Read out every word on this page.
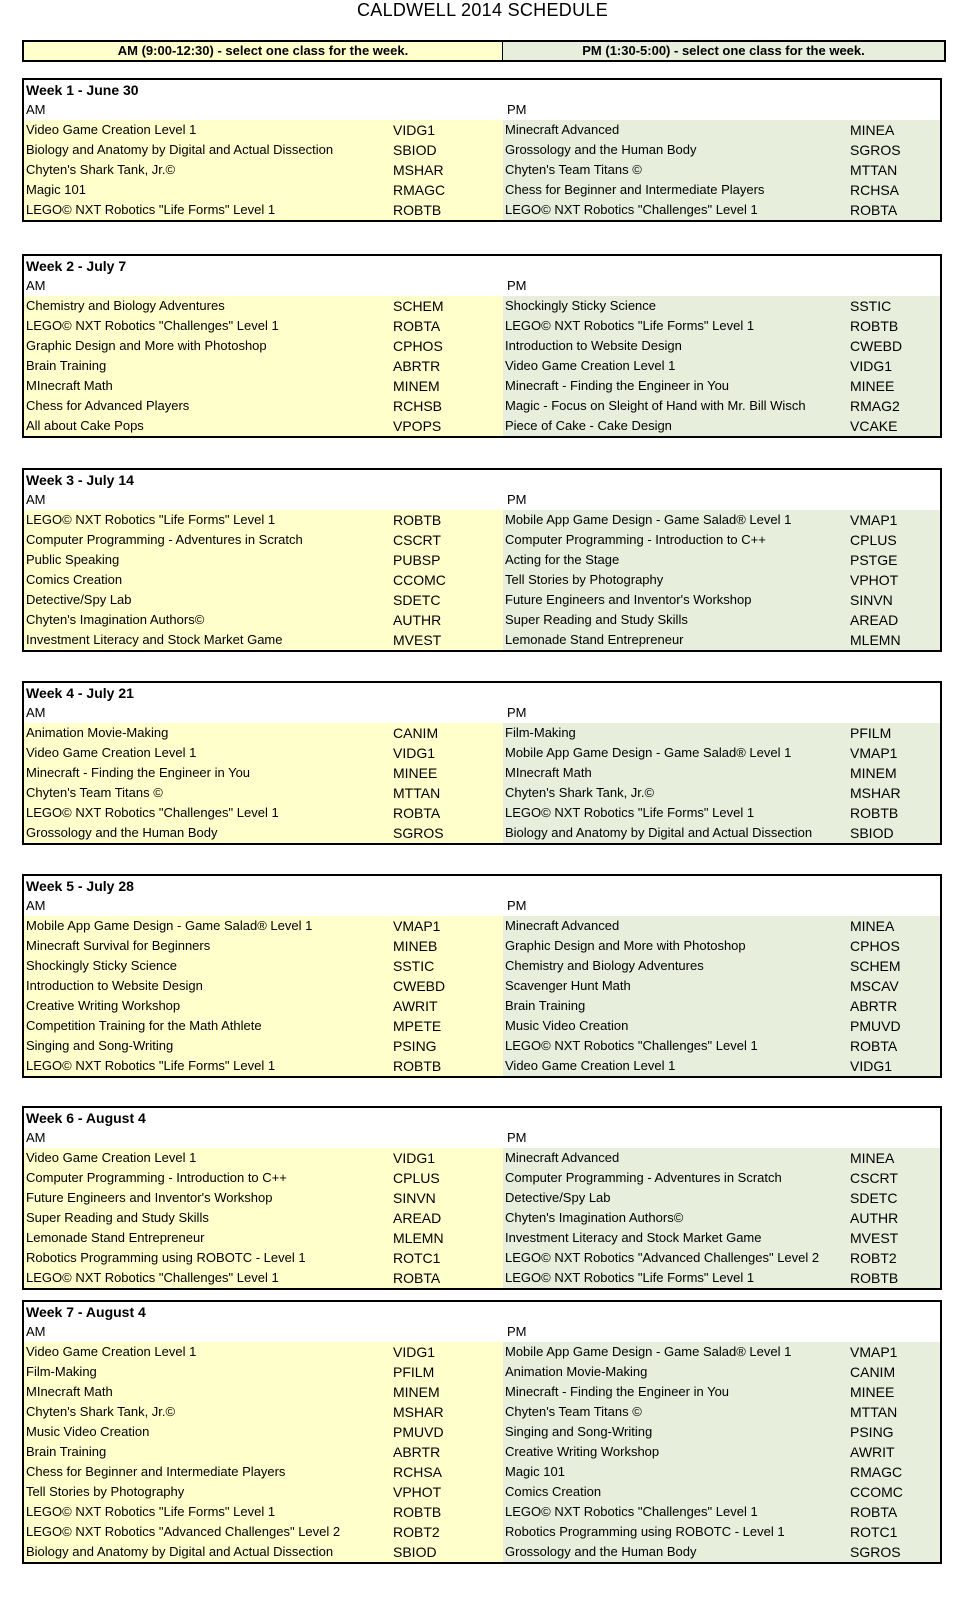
CALDWELL 2014 SCHEDULE
AM (9:00-12:30) - select one class for the week.	PM (1:30-5:00) - select one class for the week.
Week 1 - June 30
AM	PM
Video Game Creation Level 1	VIDG1	Minecraft Advanced	MINEA
Biology and Anatomy by Digital and Actual Dissection	SBIOD	Grossology and the Human Body	SGROS
Chyten's Shark Tank, Jr.©	MSHAR	Chyten's Team Titans ©	MTTAN
Magic 101	RMAGC	Chess for Beginner and Intermediate Players	RCHSA
LEGO© NXT Robotics "Life Forms" Level 1	ROBTB	LEGO© NXT Robotics "Challenges" Level 1	ROBTA
Week 2 - July 7
AM	PM
Chemistry and Biology Adventures	SCHEM	Shockingly Sticky Science	SSTIC
LEGO© NXT Robotics "Challenges" Level 1	ROBTA	LEGO© NXT Robotics "Life Forms" Level 1	ROBTB
Graphic Design and More with Photoshop	CPHOS	Introduction to Website Design	CWEBD
Brain Training	ABRTR	Video Game Creation Level 1	VIDG1
MInecraft Math	MINEM	Minecraft - Finding the Engineer in You	MINEE
Chess for Advanced Players	RCHSB	Magic - Focus on Sleight of Hand with Mr. Bill Wisch	RMAG2
All about Cake Pops	VPOPS	Piece of Cake - Cake Design	VCAKE
Week 3 - July 14
AM	PM
LEGO© NXT Robotics "Life Forms" Level 1	ROBTB	Mobile App Game Design - Game Salad® Level 1	VMAP1
Computer Programming - Adventures in Scratch	CSCRT	Computer Programming - Introduction to C++	CPLUS
Public Speaking	PUBSP	Acting for the Stage	PSTGE
Comics Creation	CCOMC	Tell Stories by Photography	VPHOT
Detective/Spy Lab	SDETC	Future Engineers and Inventor's Workshop	SINVN
Chyten's Imagination Authors©	AUTHR	Super Reading and Study Skills	AREAD
Investment Literacy and Stock Market Game	MVEST	Lemonade Stand Entrepreneur	MLEMN
Week 4 - July 21
AM	PM
Animation Movie-Making	CANIM	Film-Making	PFILM
Video Game Creation Level 1	VIDG1	Mobile App Game Design - Game Salad® Level 1	VMAP1
Minecraft - Finding the Engineer in You	MINEE	MInecraft Math	MINEM
Chyten's Team Titans ©	MTTAN	Chyten's Shark Tank, Jr.©	MSHAR
LEGO© NXT Robotics "Challenges" Level 1	ROBTA	LEGO© NXT Robotics "Life Forms" Level 1	ROBTB
Grossology and the Human Body	SGROS	Biology and Anatomy by Digital and Actual Dissection	SBIOD
Week 5 - July 28
AM	PM
Mobile App Game Design - Game Salad® Level 1	VMAP1	Minecraft Advanced	MINEA
Minecraft Survival for Beginners	MINEB	Graphic Design and More with Photoshop	CPHOS
Shockingly Sticky Science	SSTIC	Chemistry and Biology Adventures	SCHEM
Introduction to Website Design	CWEBD	Scavenger Hunt Math	MSCAV
Creative Writing Workshop	AWRIT	Brain Training	ABRTR
Competition Training for the Math Athlete	MPETE	Music Video Creation	PMUVD
Singing and Song-Writing	PSING	LEGO© NXT Robotics "Challenges" Level 1	ROBTA
LEGO© NXT Robotics "Life Forms" Level 1	ROBTB	Video Game Creation Level 1	VIDG1
Week 6 - August 4
AM	PM
Video Game Creation Level 1	VIDG1	Minecraft Advanced	MINEA
Computer Programming - Introduction to C++	CPLUS	Computer Programming - Adventures in Scratch	CSCRT
Future Engineers and Inventor's Workshop	SINVN	Detective/Spy Lab	SDETC
Super Reading and Study Skills	AREAD	Chyten's Imagination Authors©	AUTHR
Lemonade Stand Entrepreneur	MLEMN	Investment Literacy and Stock Market Game	MVEST
Robotics Programming using ROBOTC - Level 1	ROTC1	LEGO© NXT Robotics "Advanced Challenges" Level 2	ROBT2
LEGO© NXT Robotics "Challenges" Level 1	ROBTA	LEGO© NXT Robotics "Life Forms" Level 1	ROBTB
Week 7 - August 4
AM	PM
Video Game Creation Level 1	VIDG1	Mobile App Game Design - Game Salad® Level 1	VMAP1
Film-Making	PFILM	Animation Movie-Making	CANIM
MInecraft Math	MINEM	Minecraft - Finding the Engineer in You	MINEE
Chyten's Shark Tank, Jr.©	MSHAR	Chyten's Team Titans ©	MTTAN
Music Video Creation	PMUVD	Singing and Song-Writing	PSING
Brain Training	ABRTR	Creative Writing Workshop	AWRIT
Chess for Beginner and Intermediate Players	RCHSA	Magic 101	RMAGC
Tell Stories by Photography	VPHOT	Comics Creation	CCOMC
LEGO© NXT Robotics "Life Forms" Level 1	ROBTB	LEGO© NXT Robotics "Challenges" Level 1	ROBTA
LEGO© NXT Robotics "Advanced Challenges" Level 2	ROBT2	Robotics Programming using ROBOTC - Level 1	ROTC1
Biology and Anatomy by Digital and Actual Dissection	SBIOD	Grossology and the Human Body	SGROS
